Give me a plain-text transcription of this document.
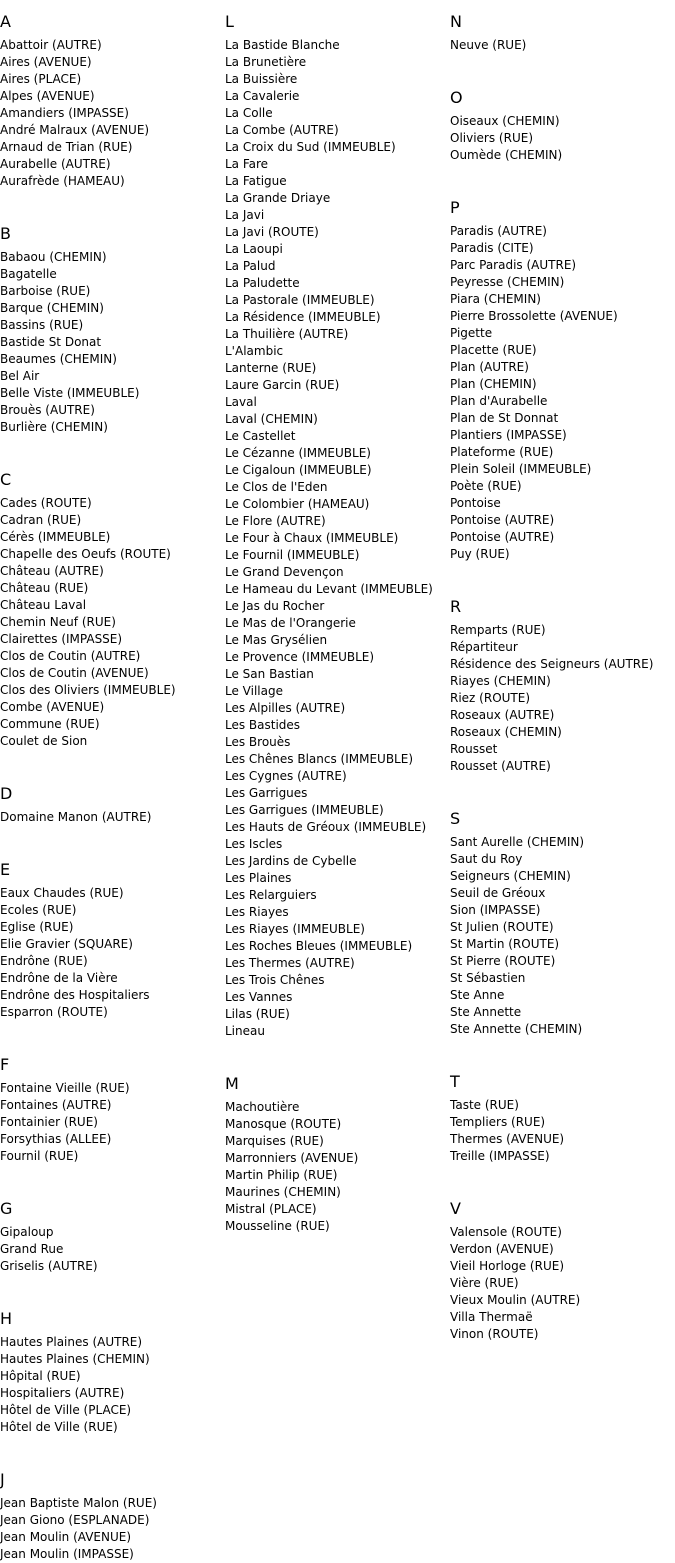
A
Abattoir (AUTRE)
Aires (AVENUE)
Aires (PLACE)
Alpes (AVENUE)
Amandiers (IMPASSE)
André Malraux (AVENUE)
Arnaud de Trian (RUE)
Aurabelle (AUTRE)
Aurafrède (HAMEAU)
B
Babaou (CHEMIN)
Bagatelle
Barboise (RUE)
Barque (CHEMIN)
Bassins (RUE)
Bastide St Donat
Beaumes (CHEMIN)
Bel Air
Belle Viste (IMMEUBLE)
Brouès (AUTRE)
Burlière (CHEMIN)
C
Cades (ROUTE)
Cadran (RUE)
Cérès (IMMEUBLE)
Chapelle des Oeufs (ROUTE)
Château (AUTRE)
Château (RUE)
Château Laval
Chemin Neuf (RUE)
Clairettes (IMPASSE)
Clos de Coutin (AUTRE)
Clos de Coutin (AVENUE)
Clos des Oliviers (IMMEUBLE)
Combe (AVENUE)
Commune (RUE)
Coulet de Sion
D
Domaine Manon (AUTRE)
E
Eaux Chaudes (RUE)
Ecoles (RUE)
Eglise (RUE)
Elie Gravier (SQUARE)
Endrône (RUE)
Endrône de la Vière
Endrône des Hospitaliers
Esparron (ROUTE)
F
Fontaine Vieille (RUE)
Fontaines (AUTRE)
Fontainier (RUE)
Forsythias (ALLEE)
Fournil (RUE)
G
Gipaloup
Grand Rue
Griselis (AUTRE)
H
Hautes Plaines (AUTRE)
Hautes Plaines (CHEMIN)
Hôpital (RUE)
Hospitaliers (AUTRE)
Hôtel de Ville (PLACE)
Hôtel de Ville (RUE)
J
Jean Baptiste Malon (RUE)
Jean Giono (ESPLANADE)
Jean Moulin (AVENUE)
Jean Moulin (IMPASSE)
L
La Bastide Blanche
La Brunetière
La Buissière
La Cavalerie
La Colle
La Combe (AUTRE)
La Croix du Sud (IMMEUBLE)
La Fare
La Fatigue
La Grande Driaye
La Javi
La Javi (ROUTE)
La Laoupi
La Palud
La Paludette
La Pastorale (IMMEUBLE)
La Résidence (IMMEUBLE)
La Thuilière (AUTRE)
L'Alambic
Lanterne (RUE)
Laure Garcin (RUE)
Laval
Laval (CHEMIN)
Le Castellet
Le Cézanne (IMMEUBLE)
Le Cigaloun (IMMEUBLE)
Le Clos de l'Eden
Le Colombier (HAMEAU)
Le Flore (AUTRE)
Le Four à Chaux (IMMEUBLE)
Le Fournil (IMMEUBLE)
Le Grand Devençon
Le Hameau du Levant (IMMEUBLE)
Le Jas du Rocher
Le Mas de l'Orangerie
Le Mas Grysélien
Le Provence (IMMEUBLE)
Le San Bastian
Le Village
Les Alpilles (AUTRE)
Les Bastides
Les Brouès
Les Chênes Blancs (IMMEUBLE)
Les Cygnes (AUTRE)
Les Garrigues
Les Garrigues (IMMEUBLE)
Les Hauts de Gréoux (IMMEUBLE)
Les Iscles
Les Jardins de Cybelle
Les Plaines
Les Relarguiers
Les Riayes
Les Riayes (IMMEUBLE)
Les Roches Bleues (IMMEUBLE)
Les Thermes (AUTRE)
Les Trois Chênes
Les Vannes
Lilas (RUE)
Lineau
M
Machoutière
Manosque (ROUTE)
Marquises (RUE)
Marronniers (AVENUE)
Martin Philip (RUE)
Maurines (CHEMIN)
Mistral (PLACE)
Mousseline (RUE)
N
Neuve (RUE)
O
Oiseaux (CHEMIN)
Oliviers (RUE)
Oumède (CHEMIN)
P
Paradis (AUTRE)
Paradis (CITE)
Parc Paradis (AUTRE)
Peyresse (CHEMIN)
Piara (CHEMIN)
Pierre Brossolette (AVENUE)
Pigette
Placette (RUE)
Plan (AUTRE)
Plan (CHEMIN)
Plan d'Aurabelle
Plan de St Donnat
Plantiers (IMPASSE)
Plateforme (RUE)
Plein Soleil (IMMEUBLE)
Poète (RUE)
Pontoise
Pontoise (AUTRE)
Pontoise (AUTRE)
Puy (RUE)
R
Remparts (RUE)
Répartiteur
Résidence des Seigneurs (AUTRE)
Riayes (CHEMIN)
Riez (ROUTE)
Roseaux (AUTRE)
Roseaux (CHEMIN)
Rousset
Rousset (AUTRE)
S
Sant Aurelle (CHEMIN)
Saut du Roy
Seigneurs (CHEMIN)
Seuil de Gréoux
Sion (IMPASSE)
St Julien (ROUTE)
St Martin (ROUTE)
St Pierre (ROUTE)
St Sébastien
Ste Anne
Ste Annette
Ste Annette (CHEMIN)
T
Taste (RUE)
Templiers (RUE)
Thermes (AVENUE)
Treille (IMPASSE)
V
Valensole (ROUTE)
Verdon (AVENUE)
Vieil Horloge (RUE)
Vière (RUE)
Vieux Moulin (AUTRE)
Villa Thermaë
Vinon (ROUTE)
